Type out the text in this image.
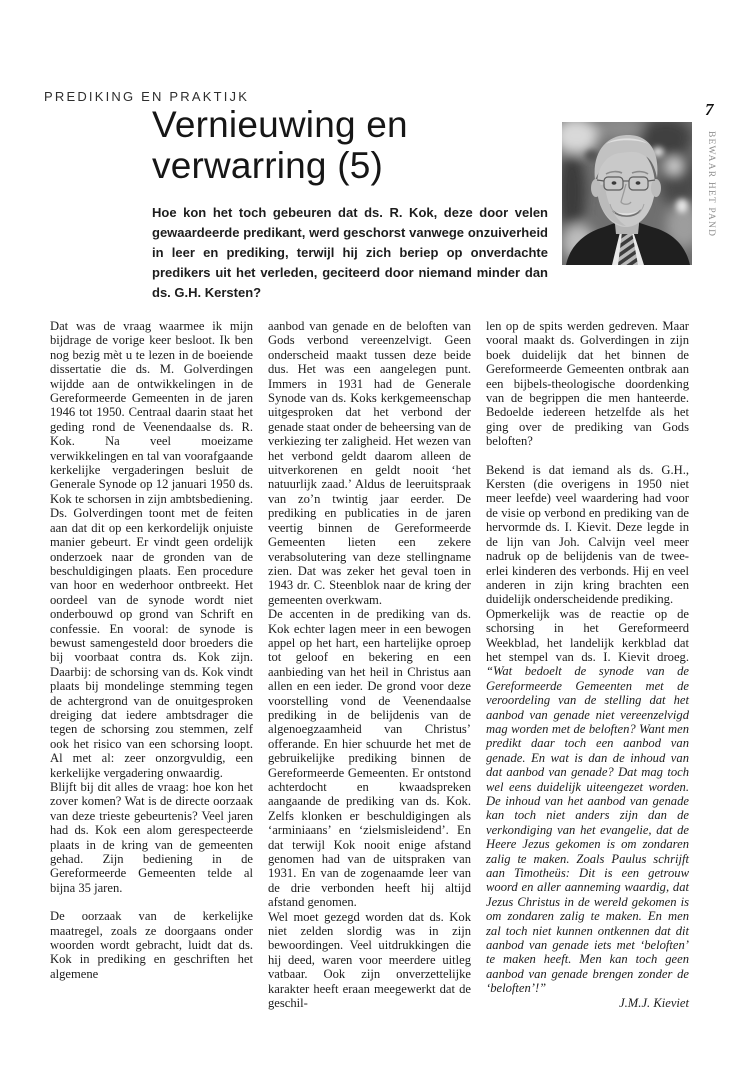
PREDIKING EN PRAKTIJK
7
BEWAAR HET PAND
Vernieuwing en
verwarring (5)
Hoe kon het toch gebeuren dat ds. R. Kok, deze door velen gewaardeerde predikant, werd geschorst vanwege onzuiverheid in leer en prediking, terwijl hij zich beriep op onverdachte predikers uit het verleden, geciteerd door niemand minder dan ds. G.H. Kersten?

Dat was de vraag waarmee ik mijn bijdrage de vorige keer besloot. Ik ben nog bezig mèt u te lezen in de boeiende dissertatie die ds. M. Golverdingen wijdde aan de ontwikkelingen in de Gereformeerde Gemeenten in de jaren 1946 tot 1950. Centraal daarin staat het geding rond de Veenendaalse ds. R. Kok. Na veel moeizame verwikkelingen en tal van voorafgaande kerkelijke vergaderingen besluit de Generale Synode op 12 januari 1950 ds. Kok te schorsen in zijn ambtsbediening. Ds. Golverdingen toont met de feiten aan dat dit op een kerkordelijk onjuiste manier gebeurt. Er vindt geen ordelijk onderzoek naar de gronden van de beschuldigingen plaats. Een procedure van hoor en wederhoor ontbreekt. Het oordeel van de synode wordt niet onderbouwd op grond van Schrift en confessie. En vooral: de synode is bewust samengesteld door broeders die bij voorbaat contra ds. Kok zijn. Daarbij: de schorsing van ds. Kok vindt plaats bij mondelinge stemming tegen de achtergrond van de onuitgesproken dreiging dat iedere ambtsdrager die tegen de schorsing zou stemmen, zelf ook het risico van een schorsing loopt. Al met al: zeer onzorgvuldig, een kerkelijke vergadering onwaardig.

Blijft bij dit alles de vraag: hoe kon het zover komen? Wat is de directe oorzaak van deze trieste gebeurtenis? Veel jaren had ds. Kok een alom gerespecteerde plaats in de kring van de gemeenten gehad. Zijn bediening in de Gereformeerde Gemeenten telde al bijna 35 jaren.

De oorzaak van de kerkelijke maatregel, zoals ze doorgaans onder woorden wordt gebracht, luidt dat ds. Kok in prediking en geschriften het algemene

aanbod van genade en de beloften van Gods verbond vereenzelvigt. Geen onderscheid maakt tussen deze beide dus. Het was een aangelegen punt. Immers in 1931 had de Generale Synode van ds. Koks kerkgemeenschap uitgesproken dat het verbond der genade staat onder de beheersing van de verkiezing ter zaligheid. Het wezen van het verbond geldt daarom alleen de uitverkorenen en geldt nooit ‘het natuurlijk zaad.’ Aldus de leeruitspraak van zo’n twintig jaar eerder. De prediking en publicaties in de jaren veertig binnen de Gereformeerde Gemeenten lieten een zekere verabsolutering van deze stellingname zien. Dat was zeker het geval toen in 1943 dr. C. Steenblok naar de kring der gemeenten overkwam.

De accenten in de prediking van ds. Kok echter lagen meer in een bewogen appel op het hart, een hartelijke oproep tot geloof en bekering en een aanbieding van het heil in Christus aan allen en een ieder. De grond voor deze voorstelling vond de Veenendaalse prediking in de belijdenis van de algenoegzaamheid van Christus’ offerande. En hier schuurde het met de gebruikelijke prediking binnen de Gereformeerde Gemeenten. Er ontstond achterdocht en kwaadspreken aangaande de prediking van ds. Kok. Zelfs klonken er beschuldigingen als ‘arminiaans’ en ‘zielsmisleidend’. En dat terwijl Kok nooit enige afstand genomen had van de uitspraken van 1931. En van de zogenaamde leer van de drie verbonden heeft hij altijd afstand genomen.

Wel moet gezegd worden dat ds. Kok niet zelden slordig was in zijn bewoordingen. Veel uitdrukkingen die hij deed, waren voor meerdere uitleg vatbaar. Ook zijn onverzettelijke karakter heeft eraan meegewerkt dat de geschil-

len op de spits werden gedreven. Maar vooral maakt ds. Golverdingen in zijn boek duidelijk dat het binnen de Gereformeerde Gemeenten ontbrak aan een bijbels-theologische doordenking van de begrippen die men hanteerde. Bedoelde iedereen hetzelfde als het ging over de prediking van Gods beloften?

Bekend is dat iemand als ds. G.H., Kersten (die overigens in 1950 niet meer leefde) veel waardering had voor de visie op verbond en prediking van de hervormde ds. I. Kievit. Deze legde in de lijn van Joh. Calvijn veel meer nadruk op de belijdenis van de twee-erlei kinderen des verbonds. Hij en veel anderen in zijn kring brachten een duidelijk onderscheidende prediking.

Opmerkelijk was de reactie op de schorsing in het Gereformeerd Weekblad, het landelijk kerkblad dat het stempel van ds. I. Kievit droeg. “Wat bedoelt de synode van de Gereformeerde Gemeenten met de veroordeling van de stelling dat het aanbod van genade niet vereenzelvigd mag worden met de beloften? Want men predikt daar toch een aanbod van genade. En wat is dan de inhoud van dat aanbod van genade? Dat mag toch wel eens duidelijk uiteengezet worden. De inhoud van het aanbod van genade kan toch niet anders zijn dan de verkondiging van het evangelie, dat de Heere Jezus gekomen is om zondaren zalig te maken. Zoals Paulus schrijft aan Timotheüs: Dit is een getrouw woord en aller aanneming waardig, dat Jezus Christus in de wereld gekomen is om zondaren zalig te maken. En men zal toch niet kunnen ontkennen dat dit aanbod van genade iets met ‘beloften’ te maken heeft. Men kan toch geen aanbod van genade brengen zonder de ‘beloften’!”

J.M.J. Kieviet
